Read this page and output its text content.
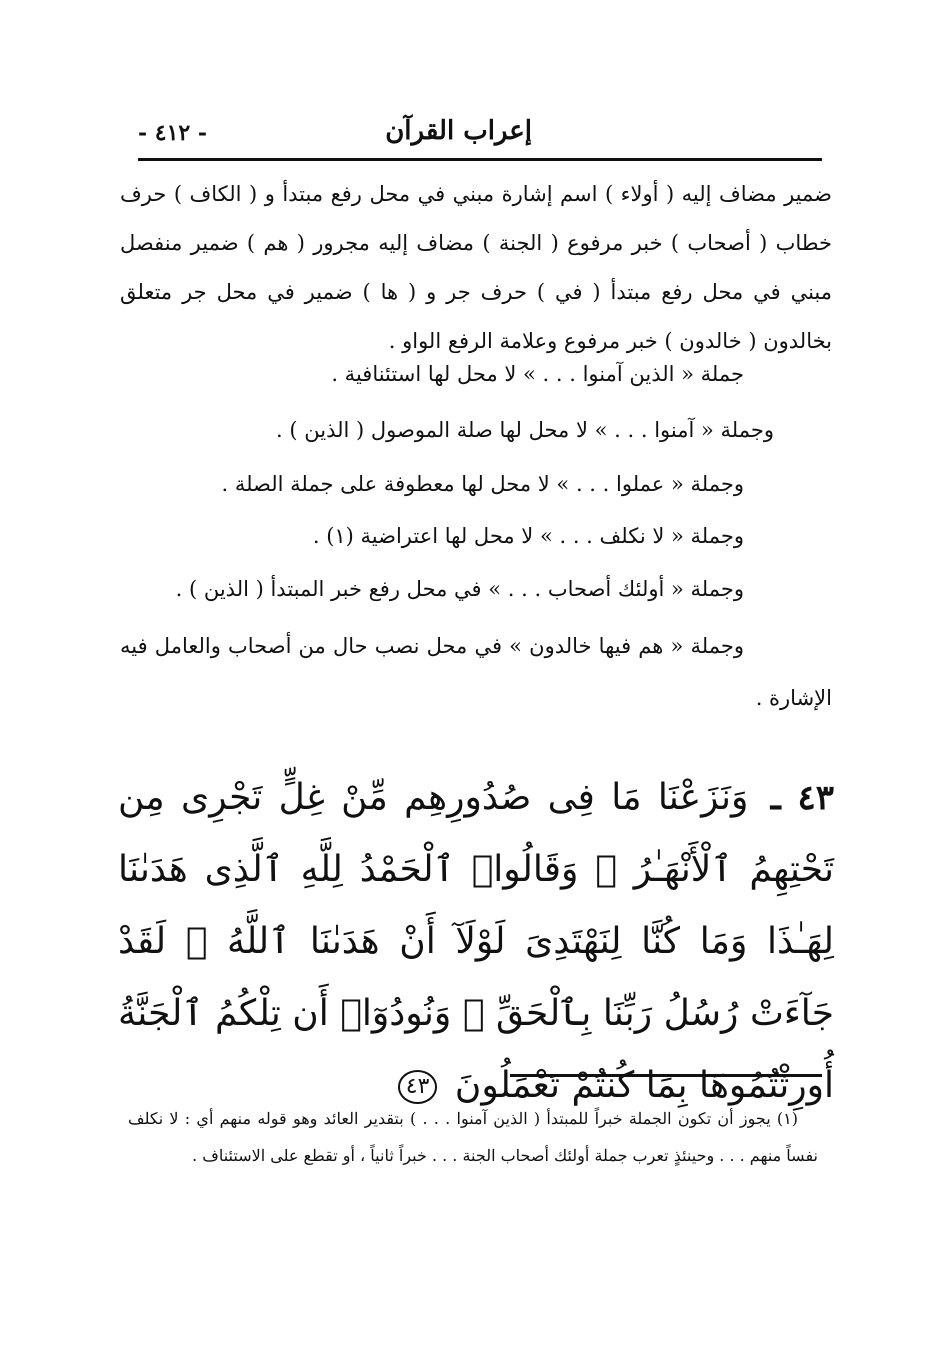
إعراب القرآن
- ٤١٢ -

ضمير مضاف إليه ( أولاء ) اسم إشارة مبني في محل رفع مبتدأ و ( الكاف ) حرف خطاب ( أصحاب ) خبر مرفوع ( الجنة ) مضاف إليه مجرور ( هم ) ضمير منفصل مبني في محل رفع مبتدأ ( في ) حرف جر و ( ها ) ضمير في محل جر متعلق بخالدون ( خالدون ) خبر مرفوع وعلامة الرفع الواو .

جملة « الذين آمنوا . . . » لا محل لها استئنافية .
وجملة « آمنوا . . . » لا محل لها صلة الموصول ( الذين ) .
وجملة « عملوا . . . » لا محل لها معطوفة على جملة الصلة .
وجملة « لا نكلف . . . » لا محل لها اعتراضية (١) .
وجملة « أولئك أصحاب . . . » في محل رفع خبر المبتدأ ( الذين ) .
وجملة « هم فيها خالدون » في محل نصب حال من أصحاب والعامل فيه الإشارة .
٤٣ ـ وَنَزَعْنَا مَا فِى صُدُورِهِم مِّنْ غِلٍّ تَجْرِى مِن تَحْتِهِمُ ٱلْأَنْهَـٰرُ ۖ وَقَالُوا۟ ٱلْحَمْدُ لِلَّهِ ٱلَّذِى هَدَىٰنَا لِهَـٰذَا وَمَا كُنَّا لِنَهْتَدِىَ لَوْلَآ أَنْ هَدَىٰنَا ٱللَّهُ ۖ لَقَدْ جَآءَتْ رُسُلُ رَبِّنَا بِٱلْحَقِّ ۖ وَنُودُوٓا۟ أَن تِلْكُمُ ٱلْجَنَّةُ أُورِثْتُمُوهَا بِمَا كُنتُمْ تَعْمَلُونَ ٤٣

(١) يجوز أن تكون الجملة خبراً للمبتدأ ( الذين آمنوا . . . ) بتقدير العائد وهو قوله منهم أي : لا نكلف نفساً منهم . . . وحينئذٍ تعرب جملة أولئك أصحاب الجنة . . . خبراً ثانياً ، أو تقطع على الاستئناف .
